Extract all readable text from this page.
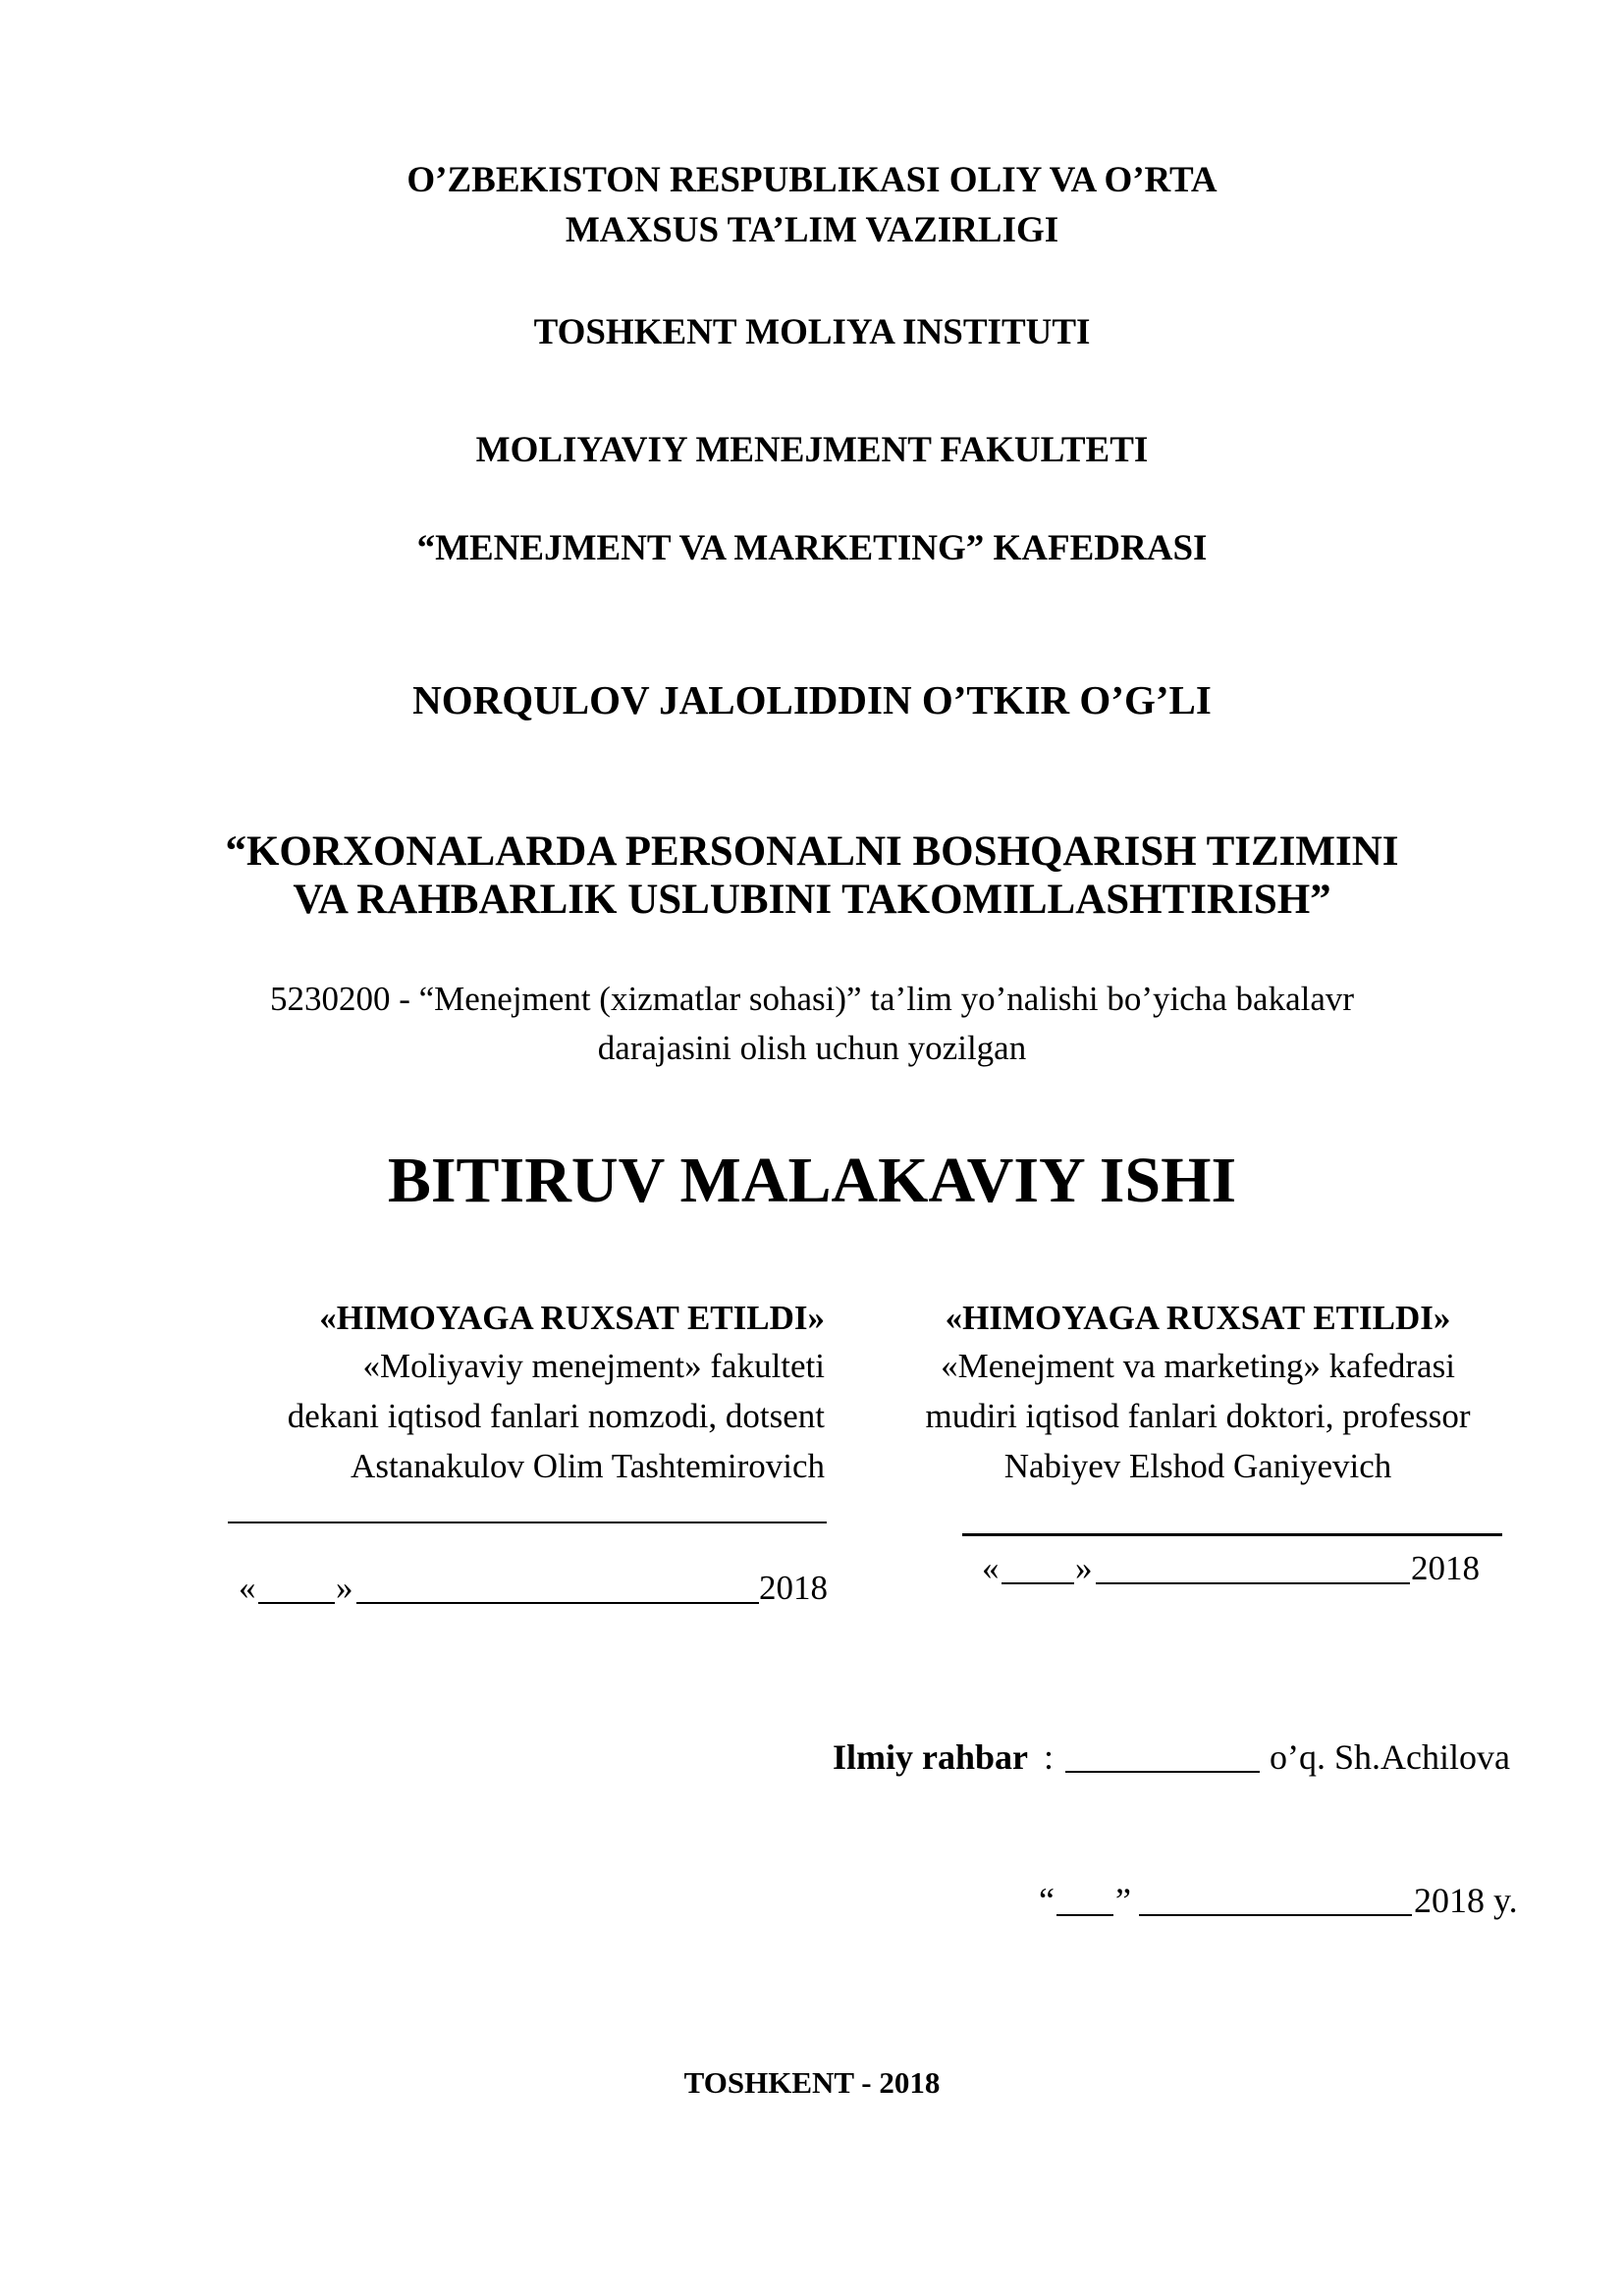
O’ZBEKISTON RESPUBLIKASI OLIY VA O’RTA
MAXSUS TA’LIM VAZIRLIGI
TOSHKENT MOLIYA INSTITUTI
MOLIYAVIY MENEJMENT FAKULTETI
“MENEJMENT VA MARKETING” KAFEDRASI
NORQULOV JALOLIDDIN O’TKIR O’G’LI
“KORXONALARDA PERSONALNI BOSHQARISH TIZIMINI
VA RAHBARLIK USLUBINI TAKOMILLASHTIRISH”
5230200 - “Menejment (xizmatlar sohasi)” ta’lim yo’nalishi bo’yicha bakalavr
darajasini olish uchun yozilgan
BITIRUV MALAKAVIY ISHI
«HIMOYAGA RUXSAT ETILDI»
«Moliyaviy menejment» fakulteti
dekani iqtisod fanlari nomzodi, dotsent
Astanakulov Olim Tashtemirovich
« »	2018
«HIMOYAGA RUXSAT ETILDI»
«Menejment va marketing» kafedrasi
mudiri iqtisod fanlari doktori, professor
Nabiyev Elshod Ganiyevich
« »	2018
Ilmiy rahbar :	o’q. Sh.Achilova
“ ”	2018 y.
TOSHKENT - 2018
